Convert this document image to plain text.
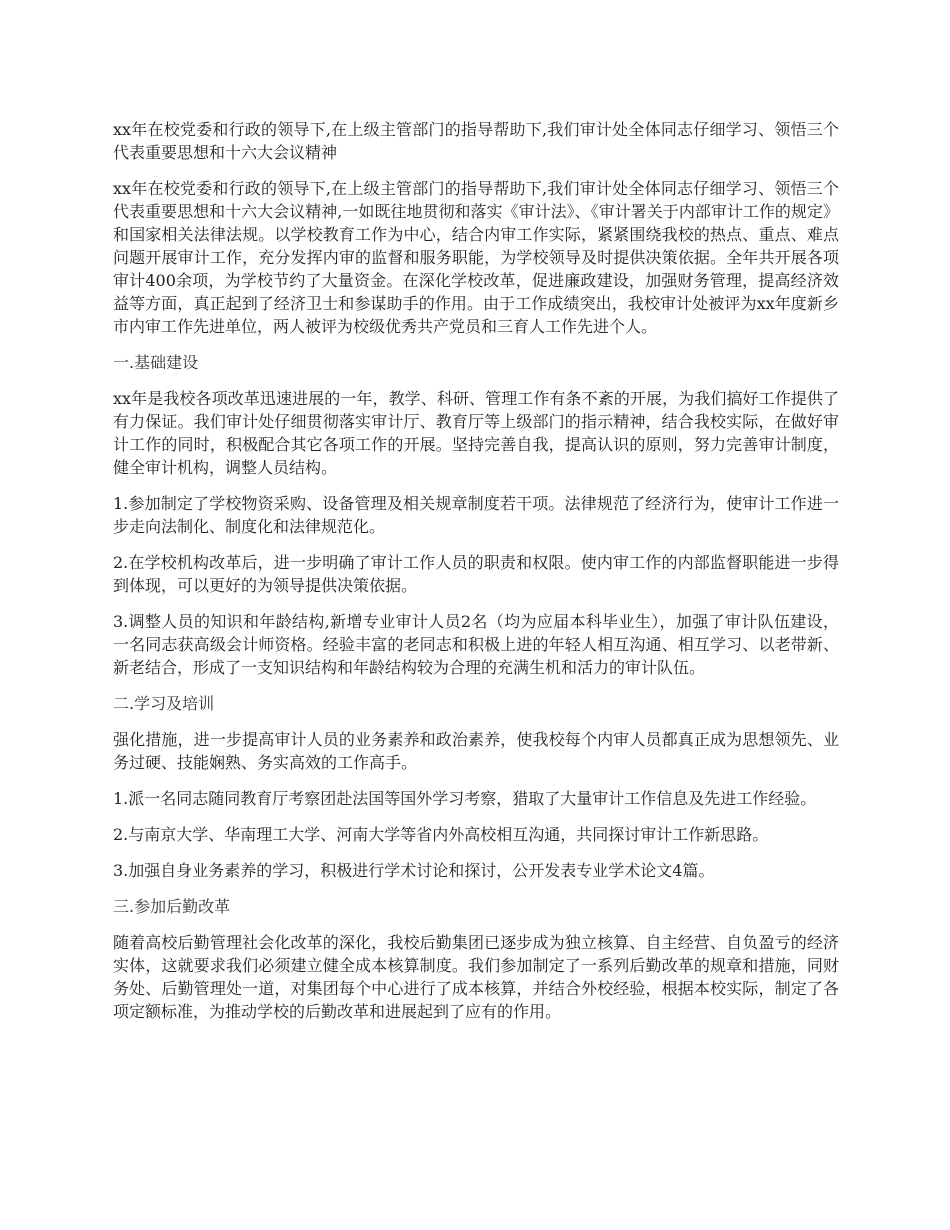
xx年在校党委和行政的领导下,在上级主管部门的指导帮助下,我们审计处全体同志仔细学习、领悟三个代表重要思想和十六大会议精神

xx年在校党委和行政的领导下,在上级主管部门的指导帮助下,我们审计处全体同志仔细学习、领悟三个代表重要思想和十六大会议精神,一如既往地贯彻和落实《审计法》、《审计署关于内部审计工作的规定》和国家相关法律法规。以学校教育工作为中心，结合内审工作实际，紧紧围绕我校的热点、重点、难点问题开展审计工作，充分发挥内审的监督和服务职能，为学校领导及时提供决策依据。全年共开展各项审计400余项，为学校节约了大量资金。在深化学校改革，促进廉政建设，加强财务管理，提高经济效益等方面，真正起到了经济卫士和参谋助手的作用。由于工作成绩突出，我校审计处被评为xx年度新乡市内审工作先进单位，两人被评为校级优秀共产党员和三育人工作先进个人。

一.基础建设

xx年是我校各项改革迅速进展的一年，教学、科研、管理工作有条不紊的开展，为我们搞好工作提供了有力保证。我们审计处仔细贯彻落实审计厅、教育厅等上级部门的指示精神，结合我校实际，在做好审计工作的同时，积极配合其它各项工作的开展。坚持完善自我，提高认识的原则，努力完善审计制度，健全审计机构，调整人员结构。

1.参加制定了学校物资采购、设备管理及相关规章制度若干项。法律规范了经济行为，使审计工作进一步走向法制化、制度化和法律规范化。

2.在学校机构改革后，进一步明确了审计工作人员的职责和权限。使内审工作的内部监督职能进一步得到体现，可以更好的为领导提供决策依据。

3.调整人员的知识和年龄结构,新增专业审计人员2名（均为应届本科毕业生），加强了审计队伍建设，一名同志获高级会计师资格。经验丰富的老同志和积极上进的年轻人相互沟通、相互学习、以老带新、新老结合，形成了一支知识结构和年龄结构较为合理的充满生机和活力的审计队伍。

二.学习及培训

强化措施，进一步提高审计人员的业务素养和政治素养，使我校每个内审人员都真正成为思想领先、业务过硬、技能娴熟、务实高效的工作高手。

1.派一名同志随同教育厅考察团赴法国等国外学习考察，猎取了大量审计工作信息及先进工作经验。

2.与南京大学、华南理工大学、河南大学等省内外高校相互沟通，共同探讨审计工作新思路。

3.加强自身业务素养的学习，积极进行学术讨论和探讨，公开发表专业学术论文4篇。

三.参加后勤改革

随着高校后勤管理社会化改革的深化，我校后勤集团已逐步成为独立核算、自主经营、自负盈亏的经济实体，这就要求我们必须建立健全成本核算制度。我们参加制定了一系列后勤改革的规章和措施，同财务处、后勤管理处一道，对集团每个中心进行了成本核算，并结合外校经验，根据本校实际，制定了各项定额标准，为推动学校的后勤改革和进展起到了应有的作用。
